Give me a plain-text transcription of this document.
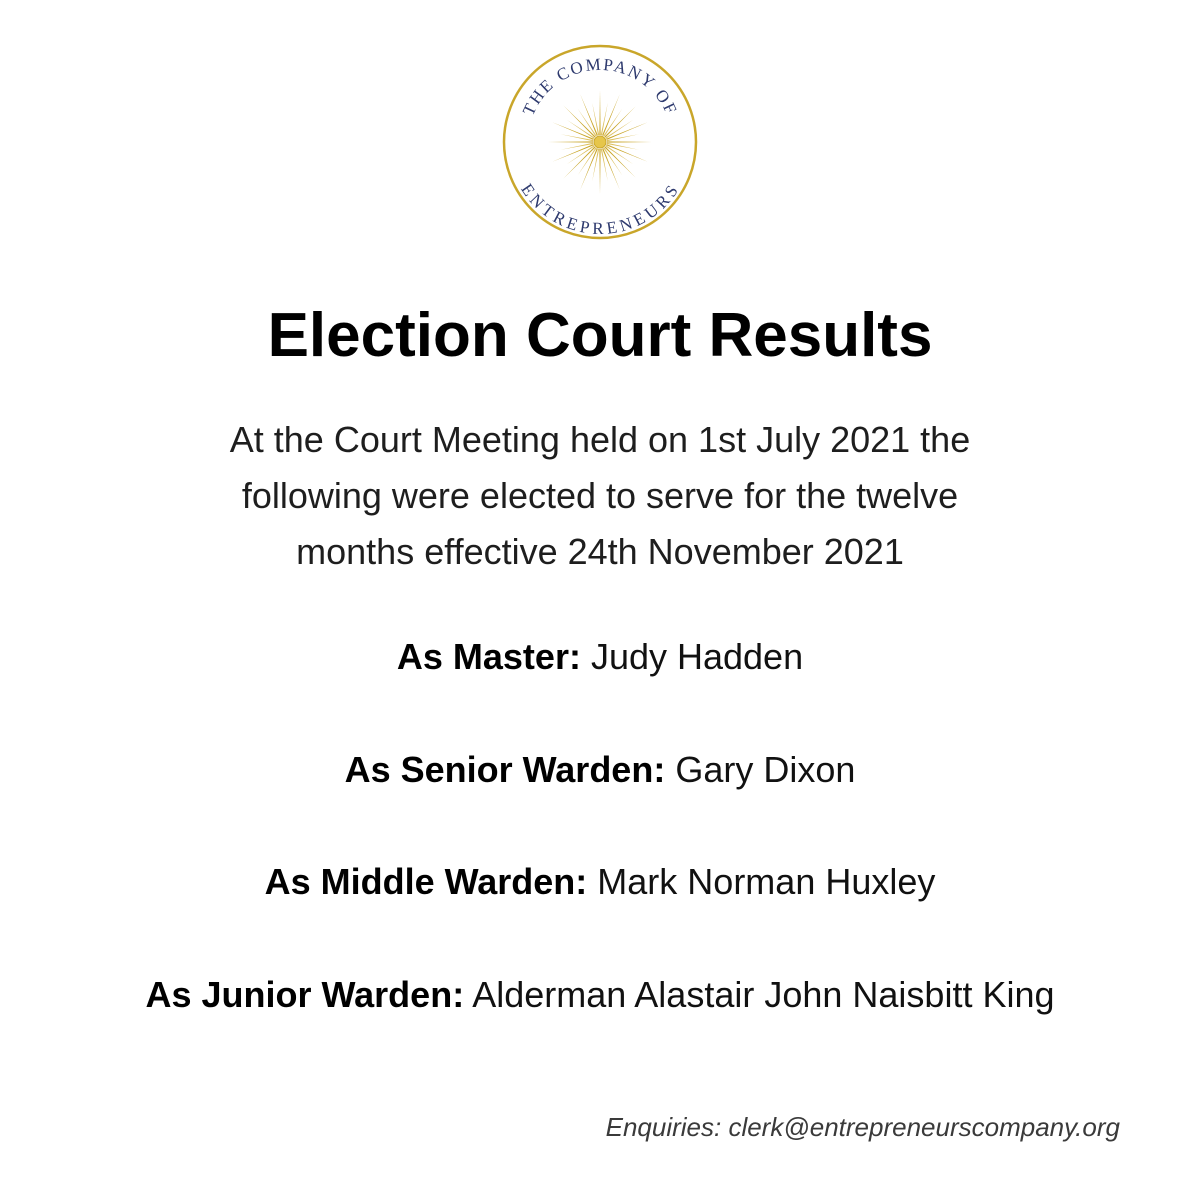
THE COMPANY OF
ENTREPRENEURS
Election Court Results
At the Court Meeting held on 1st July 2021 the
following were elected to serve for the twelve
months effective 24th November 2021
As Master: Judy Hadden
As Senior Warden: Gary Dixon
As Middle Warden: Mark Norman Huxley
As Junior Warden: Alderman Alastair John Naisbitt King
Enquiries: clerk@entrepreneurscompany.org
